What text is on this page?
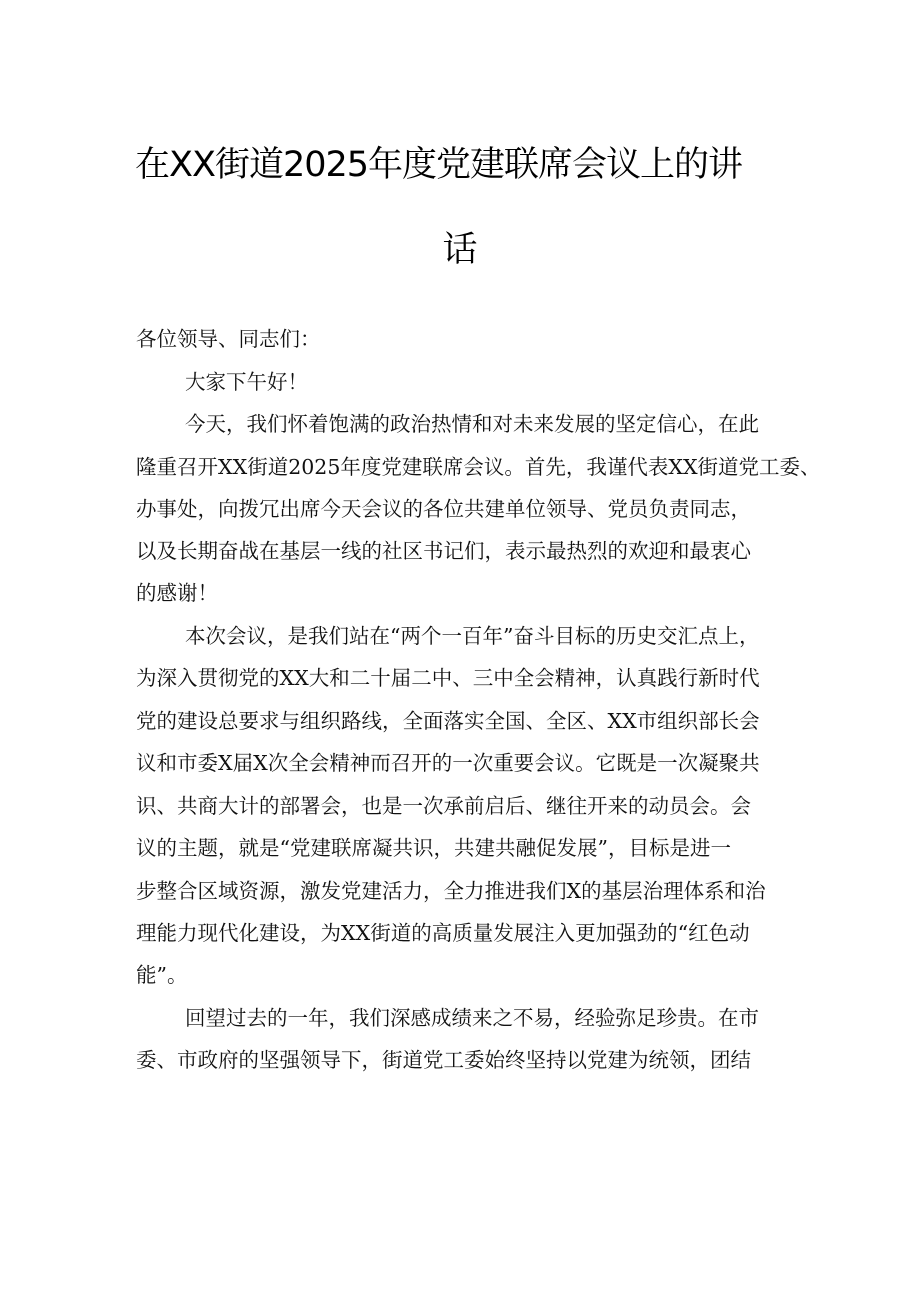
在XX街道2025年度党建联席会议上的讲
话
各位领导、同志们：
大家下午好！
今天，我们怀着饱满的政治热情和对未来发展的坚定信心，在此
隆重召开XX街道2025年度党建联席会议。首先，我谨代表XX街道党工委、
办事处，向拨冗出席今天会议的各位共建单位领导、党员负责同志，
以及长期奋战在基层一线的社区书记们，表示最热烈的欢迎和最衷心
的感谢！
本次会议，是我们站在“两个一百年”奋斗目标的历史交汇点上，
为深入贯彻党的XX大和二十届二中、三中全会精神，认真践行新时代
党的建设总要求与组织路线，全面落实全国、全区、XX市组织部长会
议和市委X届X次全会精神而召开的一次重要会议。它既是一次凝聚共
识、共商大计的部署会，也是一次承前启后、继往开来的动员会。会
议的主题，就是“党建联席凝共识，共建共融促发展”，目标是进一
步整合区域资源，激发党建活力，全力推进我们X的基层治理体系和治
理能力现代化建设，为XX街道的高质量发展注入更加强劲的“红色动
能”。
回望过去的一年，我们深感成绩来之不易，经验弥足珍贵。在市
委、市政府的坚强领导下，街道党工委始终坚持以党建为统领，团结
